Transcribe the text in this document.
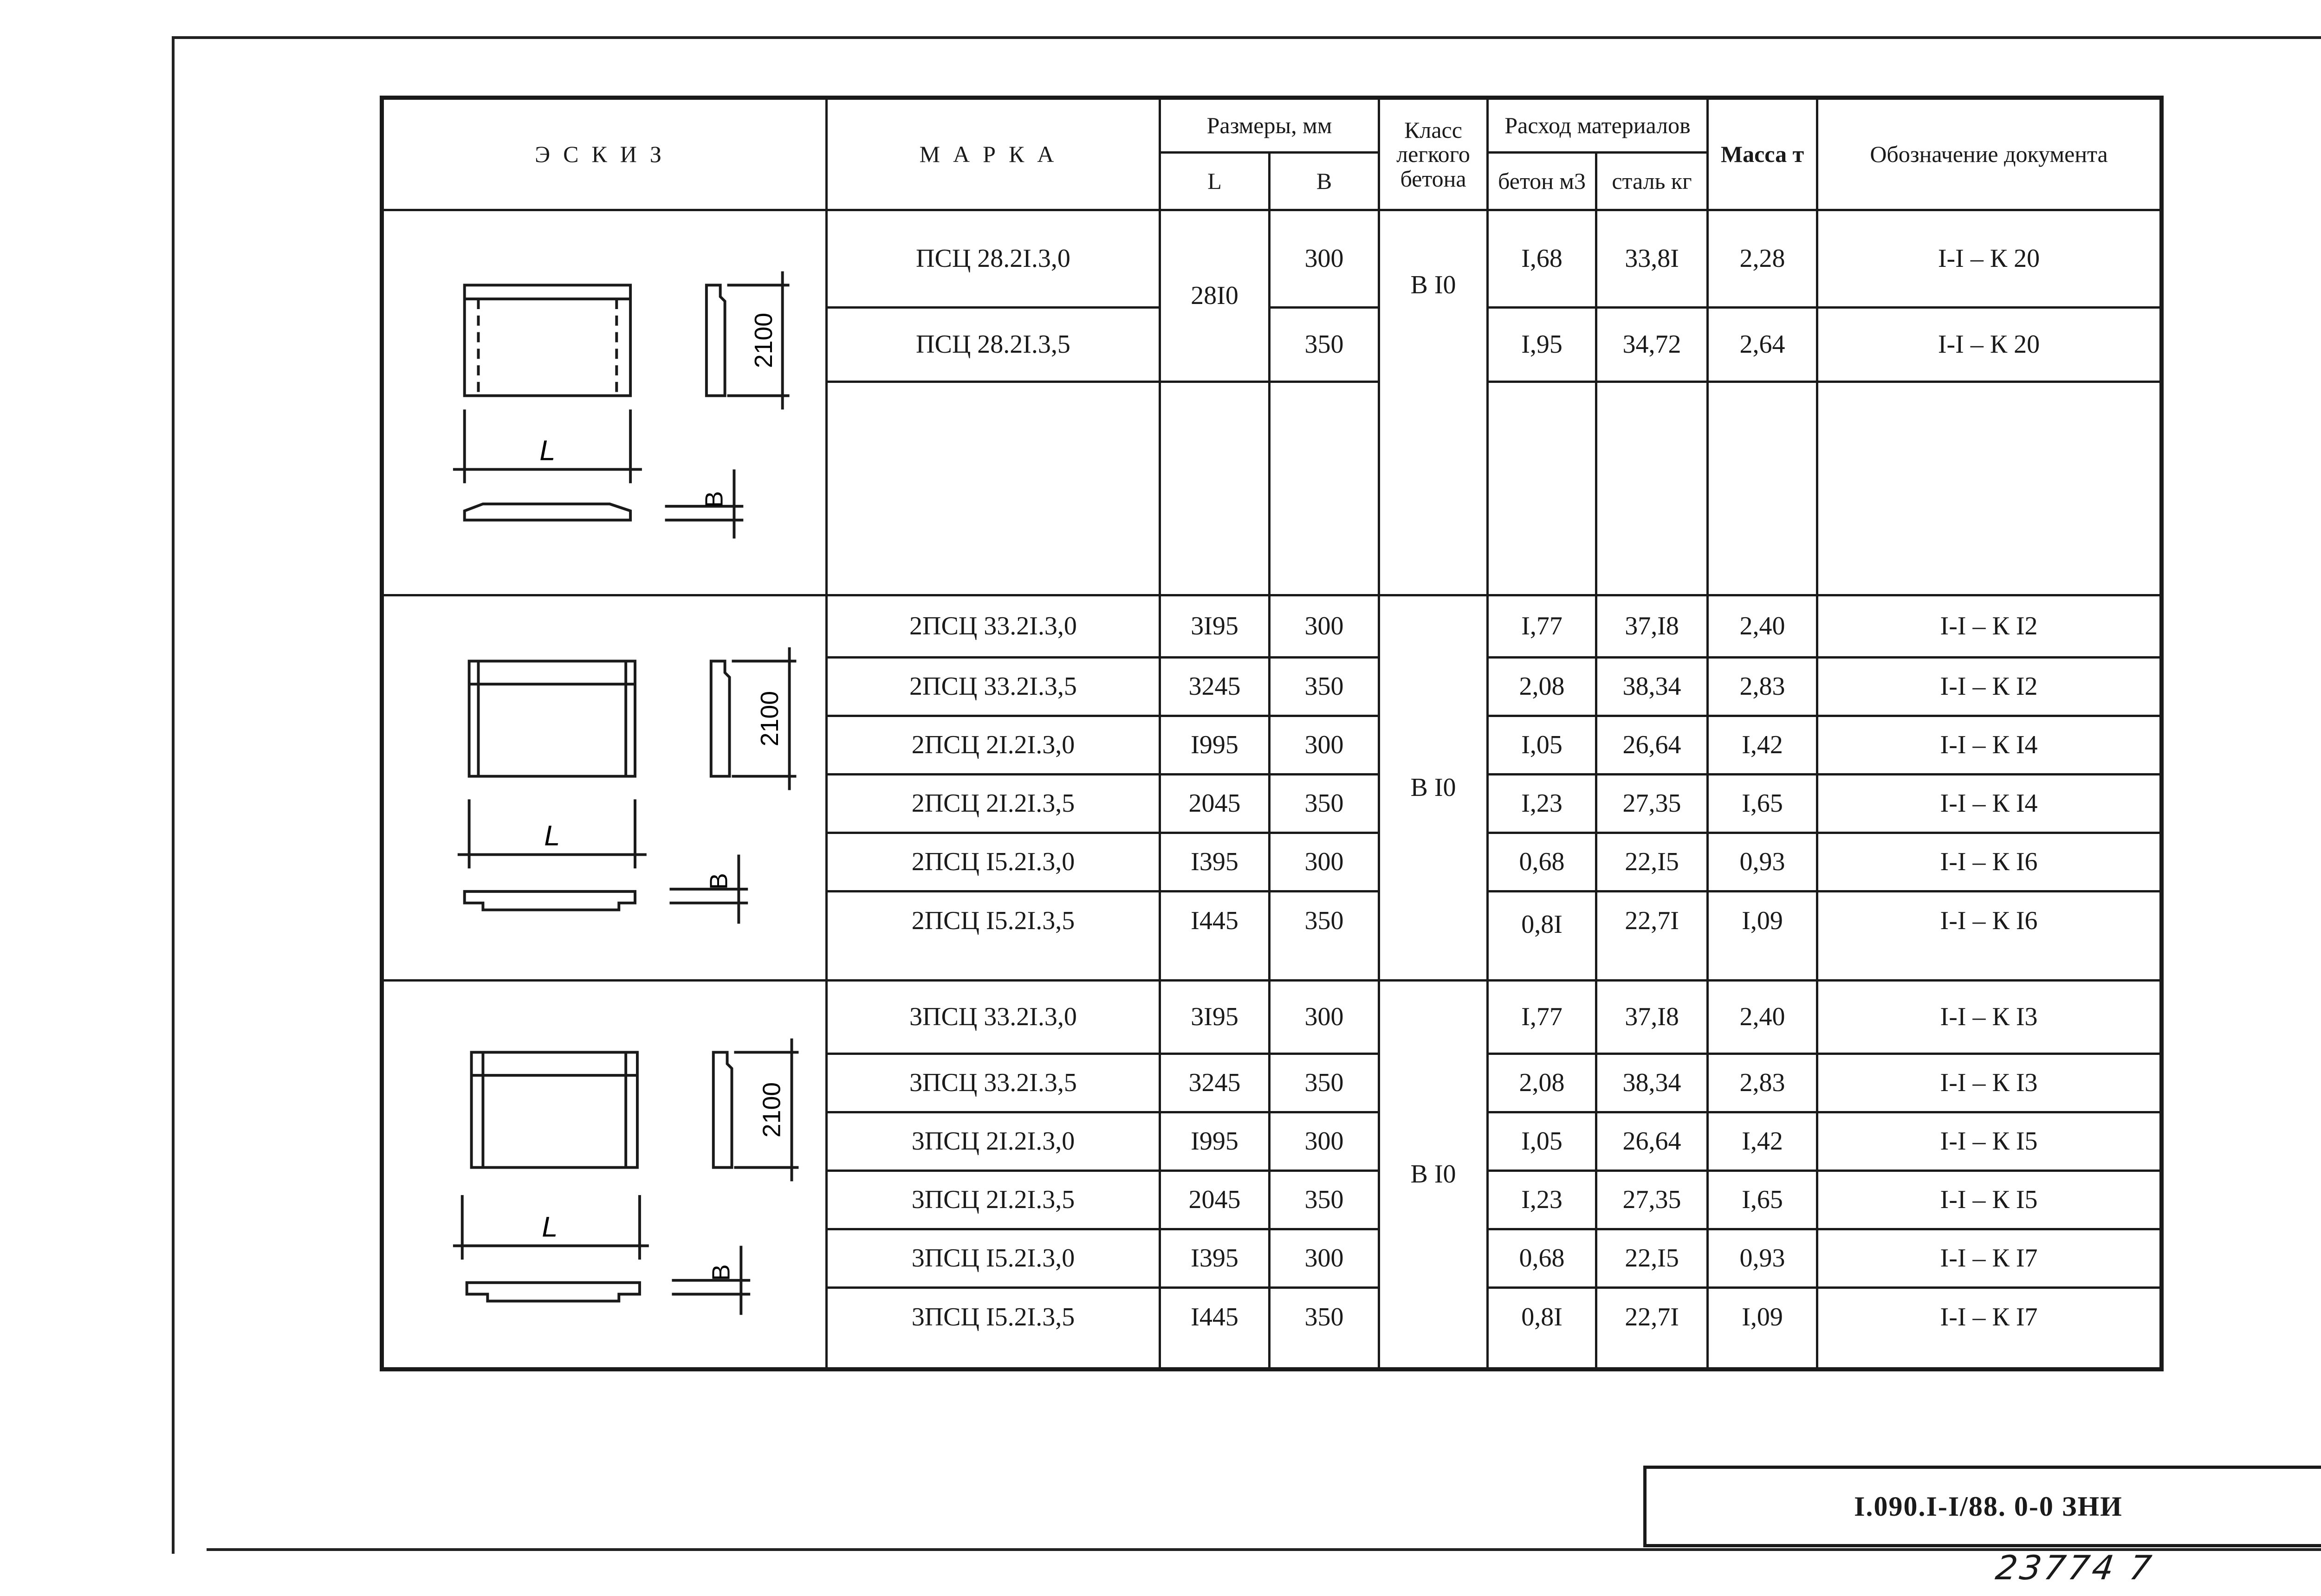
ЭСКИЗ	МАРКА	Размеры, мм		Класс легкого бетона	Расход материалов		Масса т	Обозначение документа
		L	B		бетон м3	сталь кг		

2100
L
B	ПСЦ 28.2I.3,0	28I0	300	В I0	I,68	33,8I	2,28	I-I – К 20
	ПСЦ 28.2I.3,5		350		I,95	34,72	2,64	I-I – К 20

2100
L
B	2ПСЦ 33.2I.3,0	3I95	300	В I0	I,77	37,I8	2,40	I-I – К I2
	2ПСЦ 33.2I.3,5	3245	350		2,08	38,34	2,83	I-I – К I2
	2ПСЦ 2I.2I.3,0	I995	300		I,05	26,64	I,42	I-I – К I4
	2ПСЦ 2I.2I.3,5	2045	350		I,23	27,35	I,65	I-I – К I4
	2ПСЦ I5.2I.3,0	I395	300		0,68	22,I5	0,93	I-I – К I6
	2ПСЦ I5.2I.3,5	I445	350		0,8I	22,7I	I,09	I-I – К I6

2100
L
B	3ПСЦ 33.2I.3,0	3I95	300	В I0	I,77	37,I8	2,40	I-I – К I3
	3ПСЦ 33.2I.3,5	3245	350		2,08	38,34	2,83	I-I – К I3
	3ПСЦ 2I.2I.3,0	I995	300		I,05	26,64	I,42	I-I – К I5
	3ПСЦ 2I.2I.3,5	2045	350		I,23	27,35	I,65	I-I – К I5
	3ПСЦ I5.2I.3,0	I395	300		0,68	22,I5	0,93	I-I – К I7
	3ПСЦ I5.2I.3,5	I445	350		0,8I	22,7I	I,09	I-I – К I7
I.090.I-I/88. 0-0 ЗНИ
23774 7
